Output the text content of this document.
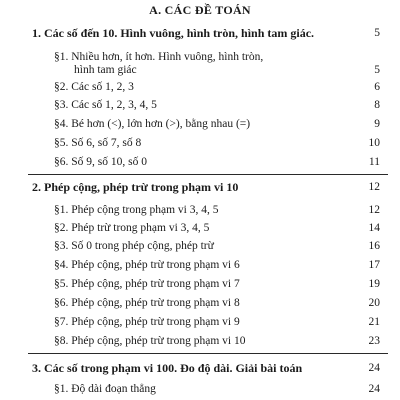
A. CÁC ĐỀ TOÁN
1. Các số đến 10. Hình vuông, hình tròn, hình tam giác.	5
§1. Nhiều hơn, ít hơn. Hình vuông, hình tròn,
hình tam giác	5
§2. Các số 1, 2, 3	6
§3. Các số 1, 2, 3, 4, 5	8
§4. Bé hơn (<), lớn hơn (>), bằng nhau (=)	9
§5. Số 6, số 7, số 8	10
§6. Số 9, số 10, số 0	11
2. Phép cộng, phép trừ trong phạm vi 10	12
§1. Phép cộng trong phạm vi 3, 4, 5	12
§2. Phép trừ trong phạm vi 3, 4, 5	14
§3. Số 0 trong phép cộng, phép trừ	16
§4. Phép cộng, phép trừ trong phạm vi 6	17
§5. Phép cộng, phép trừ trong phạm vi 7	19
§6. Phép cộng, phép trừ trong phạm vi 8	20
§7. Phép cộng, phép trừ trong phạm vi 9	21
§8. Phép cộng, phép trừ trong phạm vi 10	23
3. Các số trong phạm vi 100. Đo độ dài. Giải bài toán	24
§1. Độ dài đoạn thẳng	24
